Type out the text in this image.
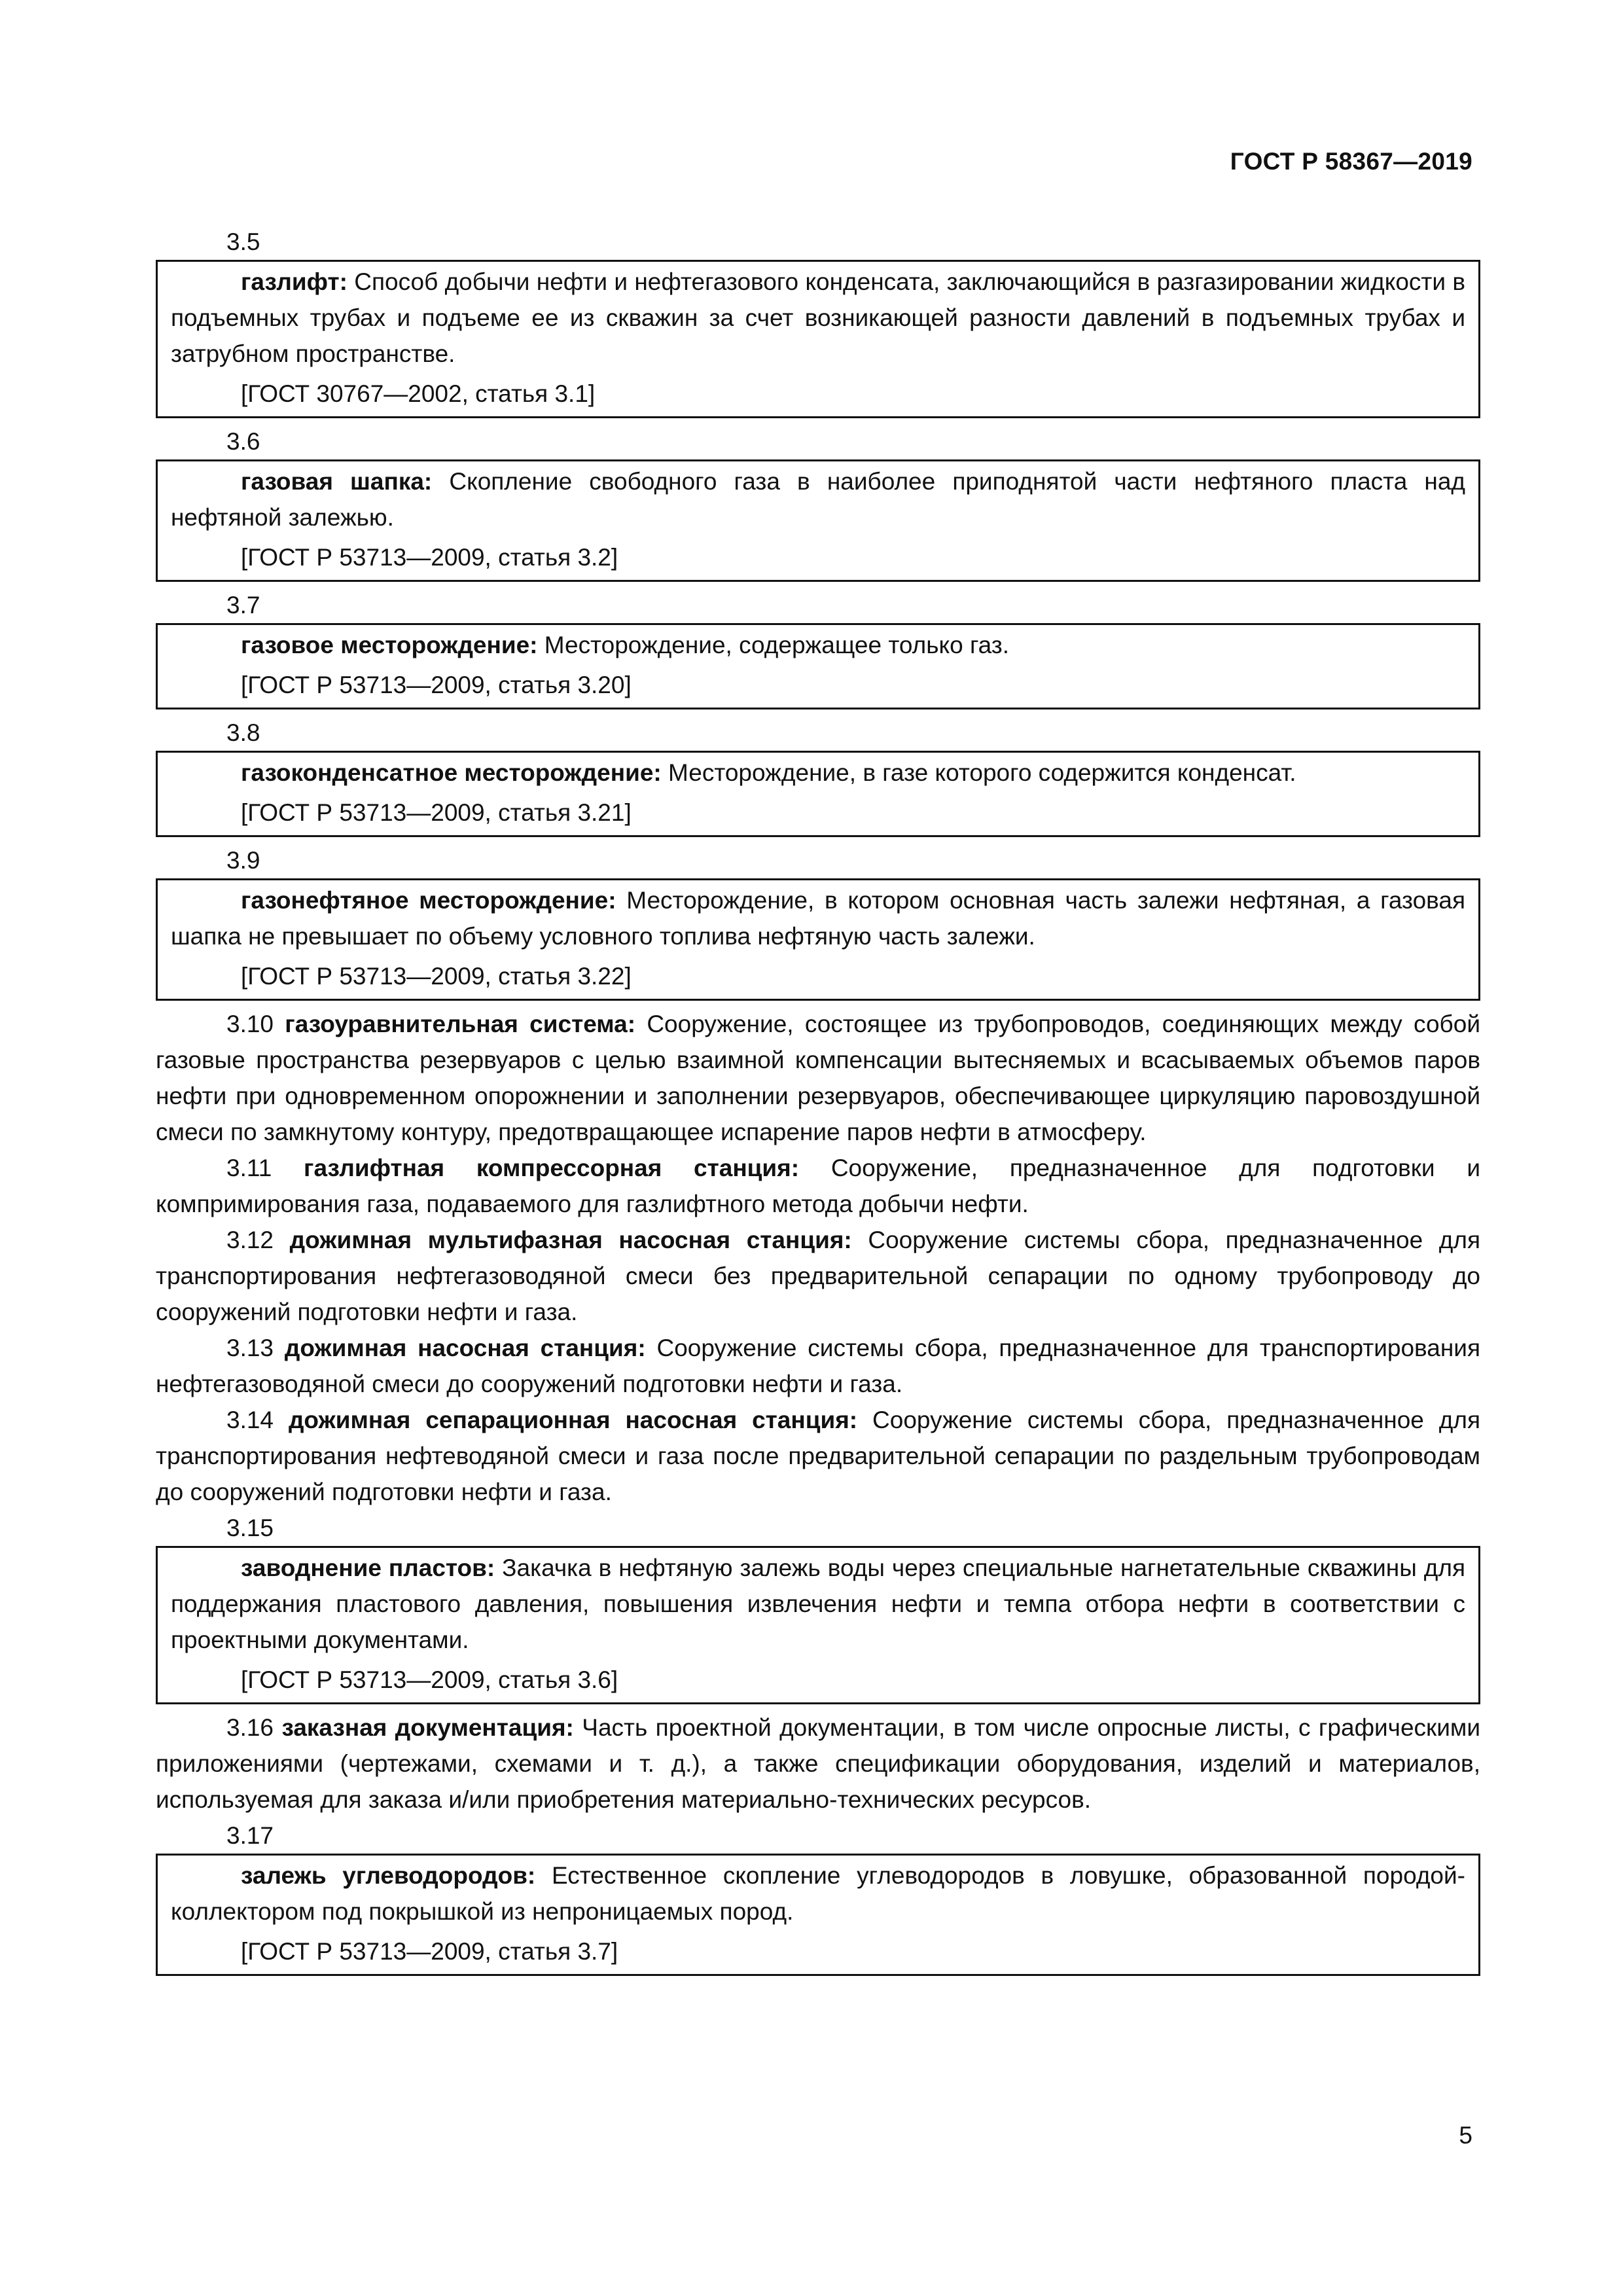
ГОСТ Р 58367—2019
3.5
газлифт: Способ добычи нефти и нефтегазового конденсата, заключающийся в разгазировании жидкости в подъемных трубах и подъеме ее из скважин за счет возникающей разности давлений в подъемных трубах и затрубном пространстве.
[ГОСТ 30767—2002, статья 3.1]
3.6
газовая шапка: Скопление свободного газа в наиболее приподнятой части нефтяного пласта над нефтяной залежью.
[ГОСТ Р 53713—2009, статья 3.2]
3.7
газовое месторождение: Месторождение, содержащее только газ.
[ГОСТ Р 53713—2009, статья 3.20]
3.8
газоконденсатное месторождение: Месторождение, в газе которого содержится конденсат.
[ГОСТ Р 53713—2009, статья 3.21]
3.9
газонефтяное месторождение: Месторождение, в котором основная часть залежи нефтяная, а газовая шапка не превышает по объему условного топлива нефтяную часть залежи.
[ГОСТ Р 53713—2009, статья 3.22]
3.10 газоуравнительная система: Сооружение, состоящее из трубопроводов, соединяющих между собой газовые пространства резервуаров с целью взаимной компенсации вытесняемых и всасываемых объемов паров нефти при одновременном опорожнении и заполнении резервуаров, обеспечивающее циркуляцию паровоздушной смеси по замкнутому контуру, предотвращающее испарение паров нефти в атмосферу.
3.11 газлифтная компрессорная станция: Сооружение, предназначенное для подготовки и компримирования газа, подаваемого для газлифтного метода добычи нефти.
3.12 дожимная мультифазная насосная станция: Сооружение системы сбора, предназначенное для транспортирования нефтегазоводяной смеси без предварительной сепарации по одному трубопроводу до сооружений подготовки нефти и газа.
3.13 дожимная насосная станция: Сооружение системы сбора, предназначенное для транспортирования нефтегазоводяной смеси до сооружений подготовки нефти и газа.
3.14 дожимная сепарационная насосная станция: Сооружение системы сбора, предназначенное для транспортирования нефтеводяной смеси и газа после предварительной сепарации по раздельным трубопроводам до сооружений подготовки нефти и газа.
3.15
заводнение пластов: Закачка в нефтяную залежь воды через специальные нагнетательные скважины для поддержания пластового давления, повышения извлечения нефти и темпа отбора нефти в соответствии с проектными документами.
[ГОСТ Р 53713—2009, статья 3.6]
3.16 заказная документация: Часть проектной документации, в том числе опросные листы, с графическими приложениями (чертежами, схемами и т. д.), а также спецификации оборудования, изделий и материалов, используемая для заказа и/или приобретения материально-технических ресурсов.
3.17
залежь углеводородов: Естественное скопление углеводородов в ловушке, образованной породой-коллектором под покрышкой из непроницаемых пород.
[ГОСТ Р 53713—2009, статья 3.7]
5
